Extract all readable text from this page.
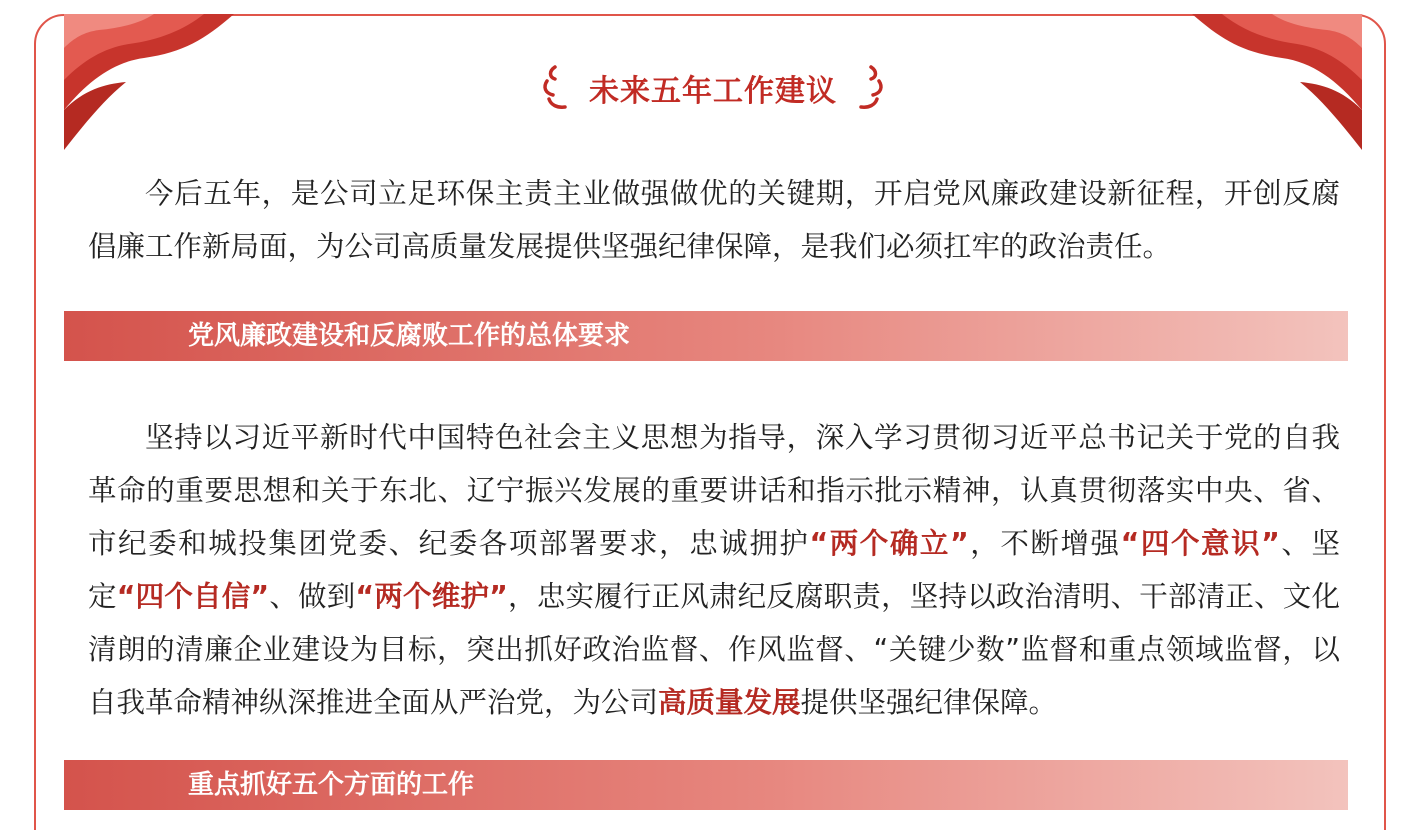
未来五年工作建议

今后五年，是公司立足环保主责主业做强做优的关键期，开启党风廉政建设新征程，开创反腐倡廉工作新局面，为公司高质量发展提供坚强纪律保障，是我们必须扛牢的政治责任。

党风廉政建设和反腐败工作的总体要求

坚持以习近平新时代中国特色社会主义思想为指导，深入学习贯彻习近平总书记关于党的自我革命的重要思想和关于东北、辽宁振兴发展的重要讲话和指示批示精神，认真贯彻落实中央、省、市纪委和城投集团党委、纪委各项部署要求，忠诚拥护“两个确立”，不断增强“四个意识”、坚定“四个自信”、做到“两个维护”，忠实履行正风肃纪反腐职责，坚持以政治清明、干部清正、文化清朗的清廉企业建设为目标，突出抓好政治监督、作风监督、“关键少数”监督和重点领域监督，以自我革命精神纵深推进全面从严治党，为公司高质量发展提供坚强纪律保障。

重点抓好五个方面的工作
